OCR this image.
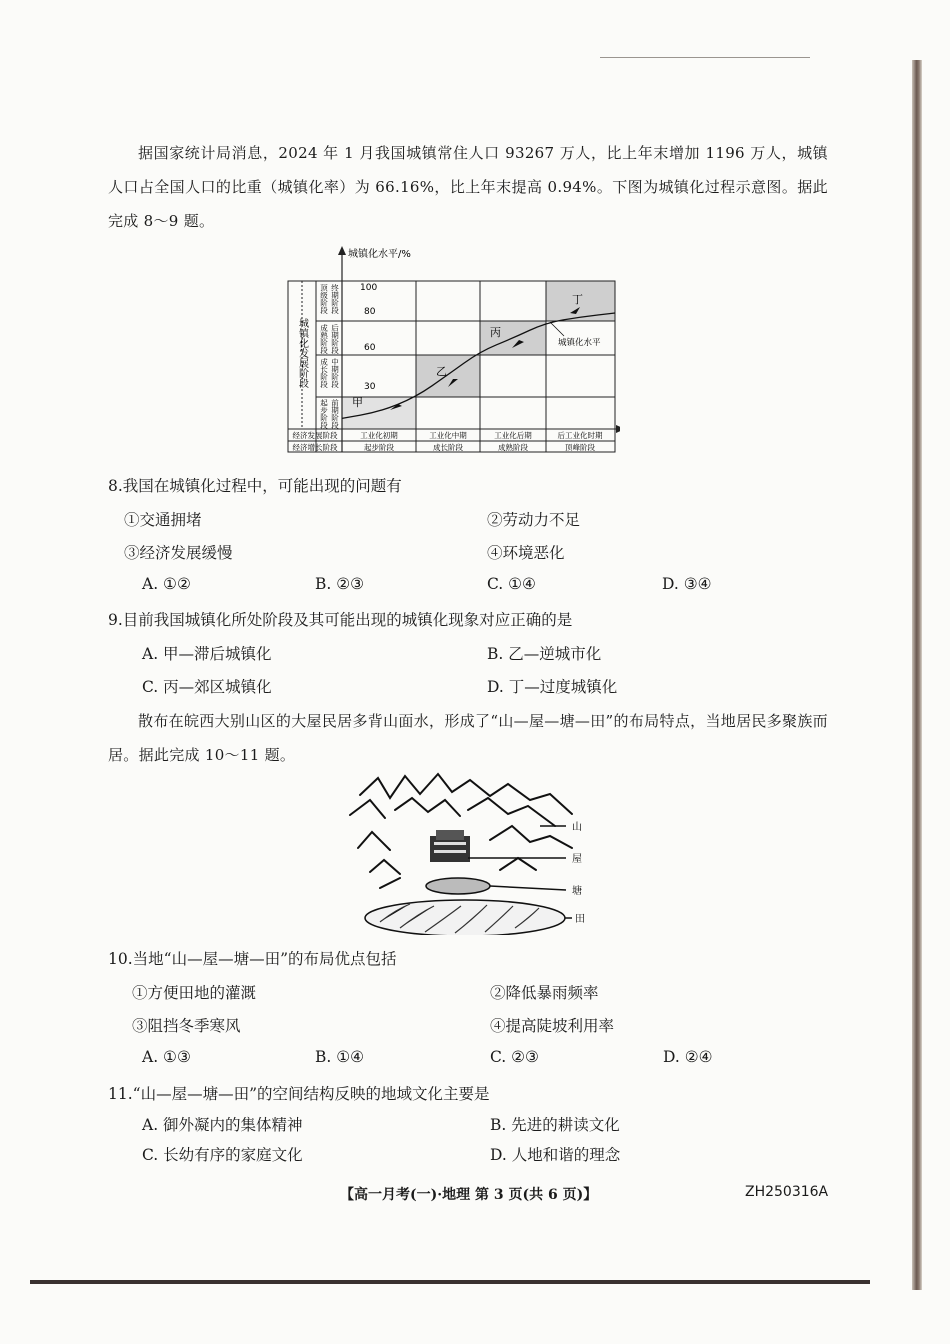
据国家统计局消息，2024 年 1 月我国城镇常住人口 93267 万人，比上年末增加 1196 万人，城镇人口占全国人口的比重（城镇化率）为 66.16%，比上年末提高 0.94%。下图为城镇化过程示意图。据此完成 8～9 题。
城镇化水平/%
100
80
60
30
城镇化发展阶段
顶级阶段
成熟阶段
成长阶段
起步阶段
终期阶段
后期阶段
中期阶段
前期阶段
经济发展阶段
经济增长阶段
工业化初期	工业化中期	工业化后期	后工业化时期
起步阶段	成长阶段	成熟阶段	顶峰阶段
甲
乙
丙
丁
城镇化水平
8.我国在城镇化过程中，可能出现的问题有
①交通拥堵	②劳动力不足
③经济发展缓慢	④环境恶化
A. ①②	B. ②③	C. ①④	D. ③④
9.目前我国城镇化所处阶段及其可能出现的城镇化现象对应正确的是
A. 甲—滞后城镇化	B. 乙—逆城市化
C. 丙—郊区城镇化	D. 丁—过度城镇化
散布在皖西大别山区的大屋民居多背山面水，形成了“山—屋—塘—田”的布局特点，当地居民多聚族而居。据此完成 10～11 题。
山
屋
塘
田
10.当地“山—屋—塘—田”的布局优点包括
①方便田地的灌溉	②降低暴雨频率
③阻挡冬季寒风	④提高陡坡利用率
A. ①③	B. ①④	C. ②③	D. ②④
11.“山—屋—塘—田”的空间结构反映的地域文化主要是
A. 御外凝内的集体精神	B. 先进的耕读文化
C. 长幼有序的家庭文化	D. 人地和谐的理念
【高一月考(一)·地理 第 3 页(共 6 页)】	ZH250316A
